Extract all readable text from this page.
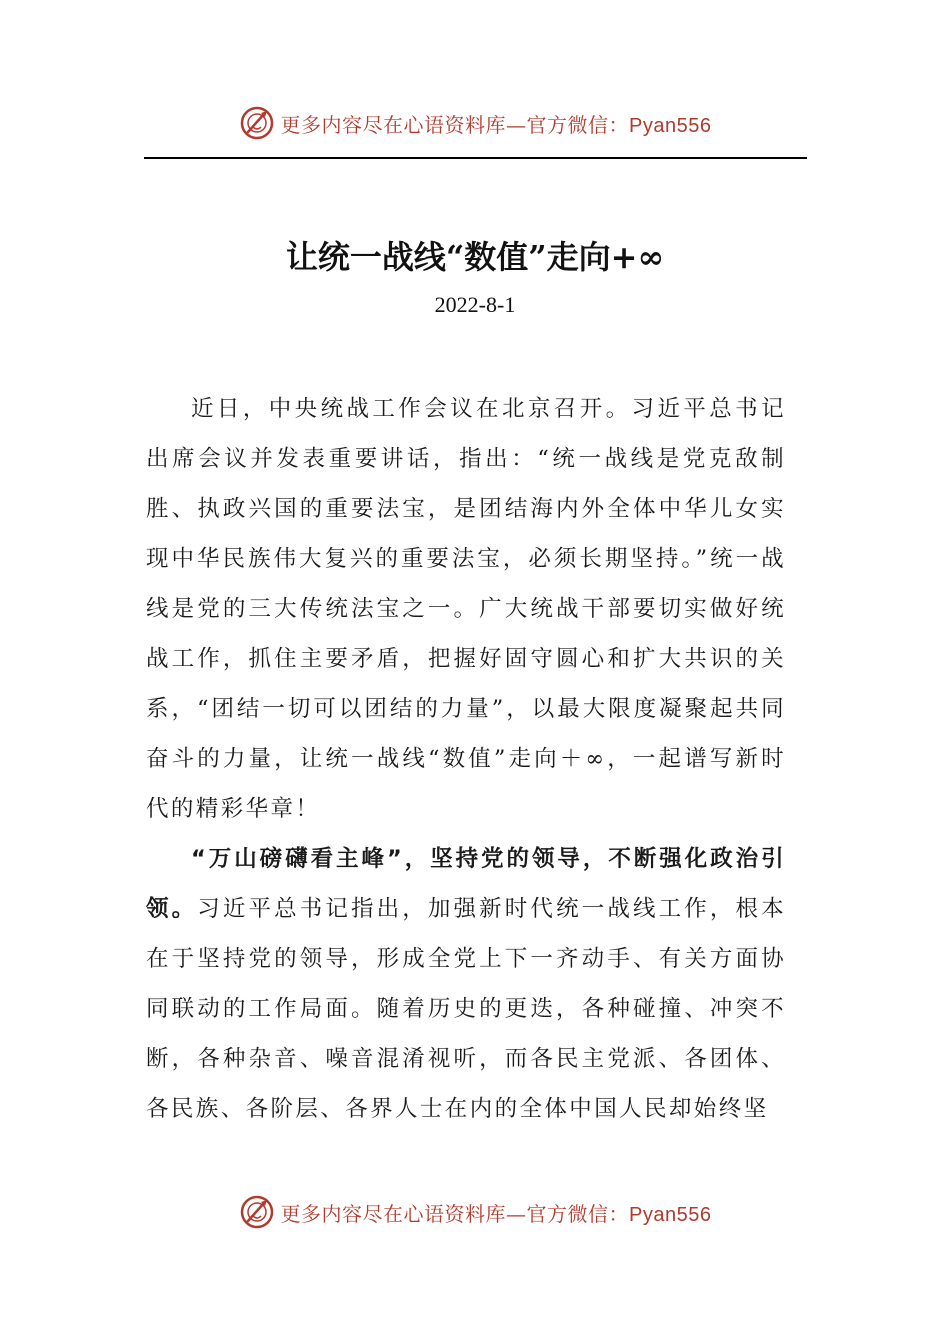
更多内容尽在心语资料库—官方微信：Pyan556
让统一战线“数值”走向+∞
2022-8-1

近日，中央统战工作会议在北京召开。习近平总书记出席会议并发表重要讲话，指出：“统一战线是党克敌制胜、执政兴国的重要法宝，是团结海内外全体中华儿女实现中华民族伟大复兴的重要法宝，必须长期坚持。”统一战线是党的三大传统法宝之一。广大统战干部要切实做好统战工作，抓住主要矛盾，把握好固守圆心和扩大共识的关系，“团结一切可以团结的力量”，以最大限度凝聚起共同奋斗的力量，让统一战线“数值”走向＋∞，一起谱写新时代的精彩华章！

“万山磅礴看主峰”，坚持党的领导，不断强化政治引领。习近平总书记指出，加强新时代统一战线工作，根本在于坚持党的领导，形成全党上下一齐动手、有关方面协同联动的工作局面。随着历史的更迭，各种碰撞、冲突不断，各种杂音、噪音混淆视听，而各民主党派、各团体、各民族、各阶层、各界人士在内的全体中国人民却始终坚

更多内容尽在心语资料库—官方微信：Pyan556
